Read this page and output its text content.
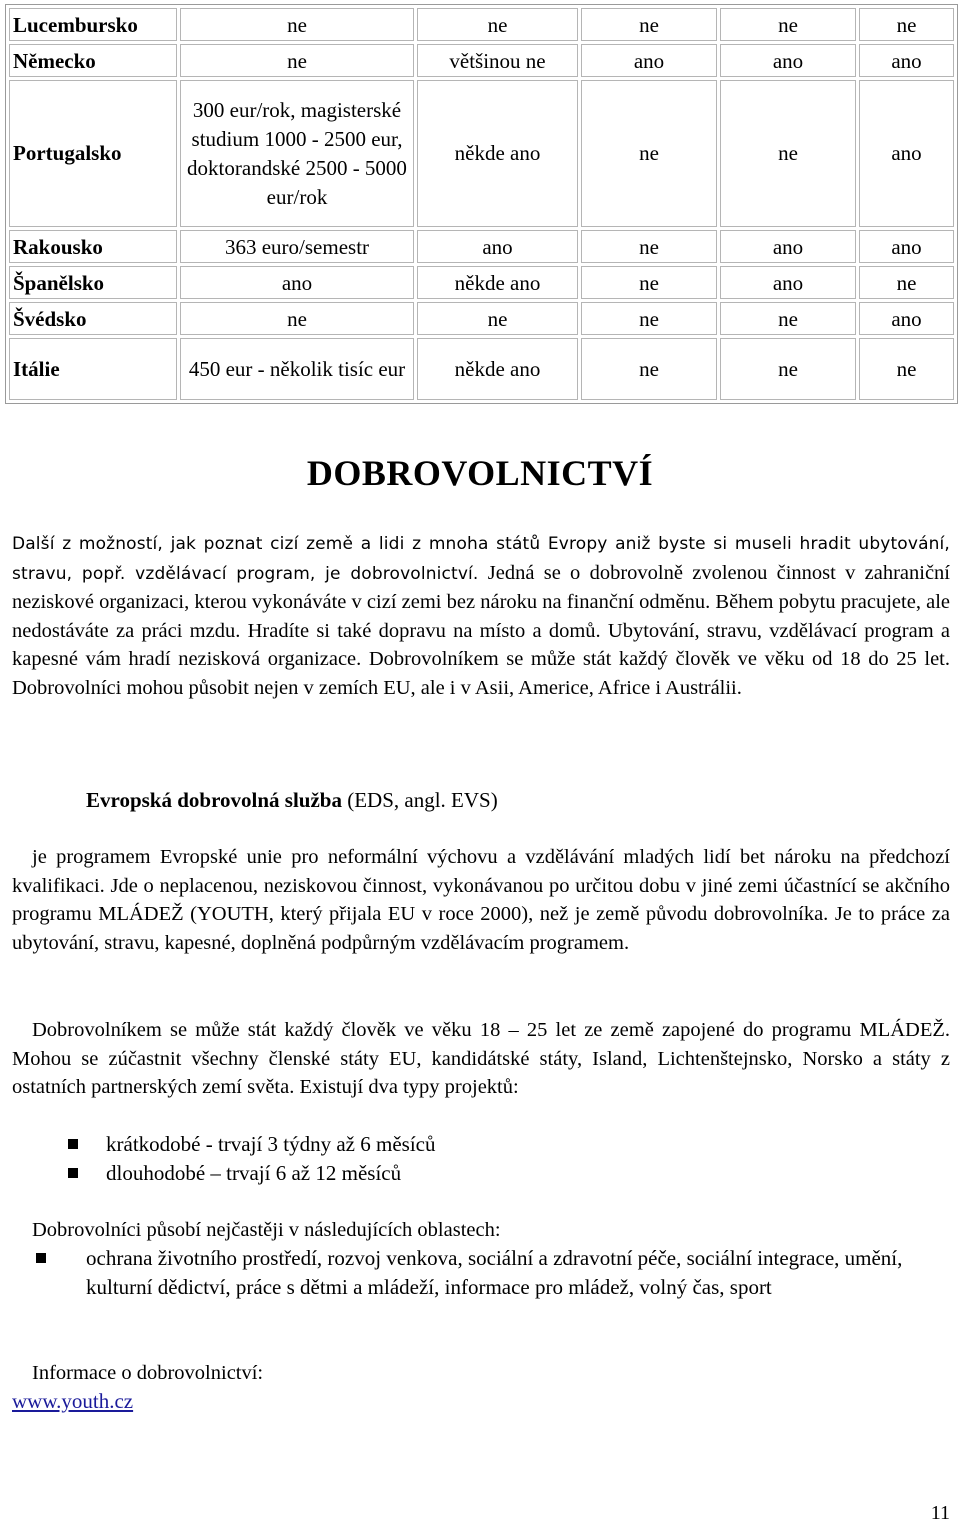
Lucembursko	ne	ne	ne	ne	ne
Německo	ne	většinou ne	ano	ano	ano
Portugalsko	300 eur/rok, magisterské studium 1000 - 2500 eur, doktorandské 2500 - 5000 eur/rok	někde ano	ne	ne	ano
Rakousko	363 euro/semestr	ano	ne	ano	ano
Španělsko	ano	někde ano	ne	ano	ne
Švédsko	ne	ne	ne	ne	ano
Itálie	450 eur - několik tisíc eur	někde ano	ne	ne	ne
DOBROVOLNICTVÍ

Další z možností, jak poznat cizí země a lidi z mnoha států Evropy aniž byste si museli hradit ubytování, stravu, popř. vzdělávací program, je dobrovolnictví. Jedná se o dobrovolně zvolenou činnost v zahraniční neziskové organizaci, kterou vykonáváte v cizí zemi bez nároku na finanční odměnu. Během pobytu pracujete, ale nedostáváte za práci mzdu. Hradíte si také dopravu na místo a domů. Ubytování, stravu, vzdělávací program a kapesné vám hradí nezisková organizace. Dobrovolníkem se může stát každý člověk ve věku od 18 do 25 let. Dobrovolníci mohou působit nejen v zemích EU, ale i v Asii, Americe, Africe i Austrálii.

Evropská dobrovolná služba (EDS, angl. EVS)

je programem Evropské unie pro neformální výchovu a vzdělávání mladých lidí bet nároku na předchozí kvalifikaci. Jde o neplacenou, neziskovou činnost, vykonávanou po určitou dobu v jiné zemi účastnící se akčního programu MLÁDEŽ (YOUTH, který přijala EU v roce 2000), než je země původu dobrovolníka. Je to práce za ubytování, stravu, kapesné, doplněná podpůrným vzdělávacím programem.

Dobrovolníkem se může stát každý člověk ve věku 18 – 25 let ze země zapojené do programu MLÁDEŽ. Mohou se zúčastnit všechny členské státy EU, kandidátské státy, Island, Lichtenštejnsko, Norsko a státy z ostatních partnerských zemí světa. Existují dva typy projektů:

krátkodobé - trvají 3 týdny až 6 měsíců
dlouhodobé – trvají 6 až 12 měsíců

Dobrovolníci působí nejčastěji v následujících oblastech:

ochrana životního prostředí, rozvoj venkova, sociální a zdravotní péče, sociální integrace, umění, kulturní dědictví, práce s dětmi a mládeží, informace pro mládež, volný čas, sport

Informace o dobrovolnictví:

www.youth.cz
11
